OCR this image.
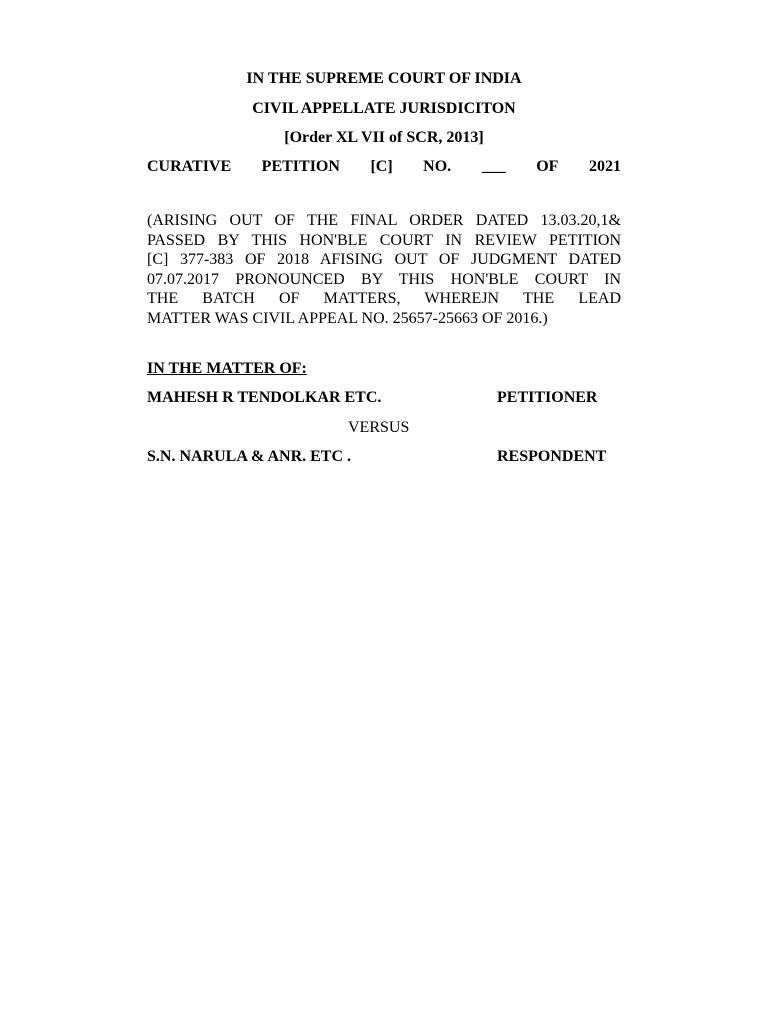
IN THE SUPREME COURT OF INDIA
CIVIL APPELLATE JURISDICITON
[Order XL VII of SCR, 2013]
CURATIVE PETITION [C] NO. ___ OF 2021
(ARISING OUT OF THE FINAL ORDER DATED 13.03.20,1&
PASSED BY THIS HON'BLE COURT IN REVIEW PETITION
[C] 377-383 OF 2018 AFISING OUT OF JUDGMENT DATED
07.07.2017 PRONOUNCED BY THIS HON'BLE COURT IN
THE BATCH OF MATTERS, WHEREJN THE LEAD
MATTER WAS CIVIL APPEAL NO. 25657-25663 OF 2016.)
IN THE MATTER OF:
MAHESH R TENDOLKAR ETC.	PETITIONER
VERSUS
S.N. NARULA & ANR. ETC .	RESPONDENT
